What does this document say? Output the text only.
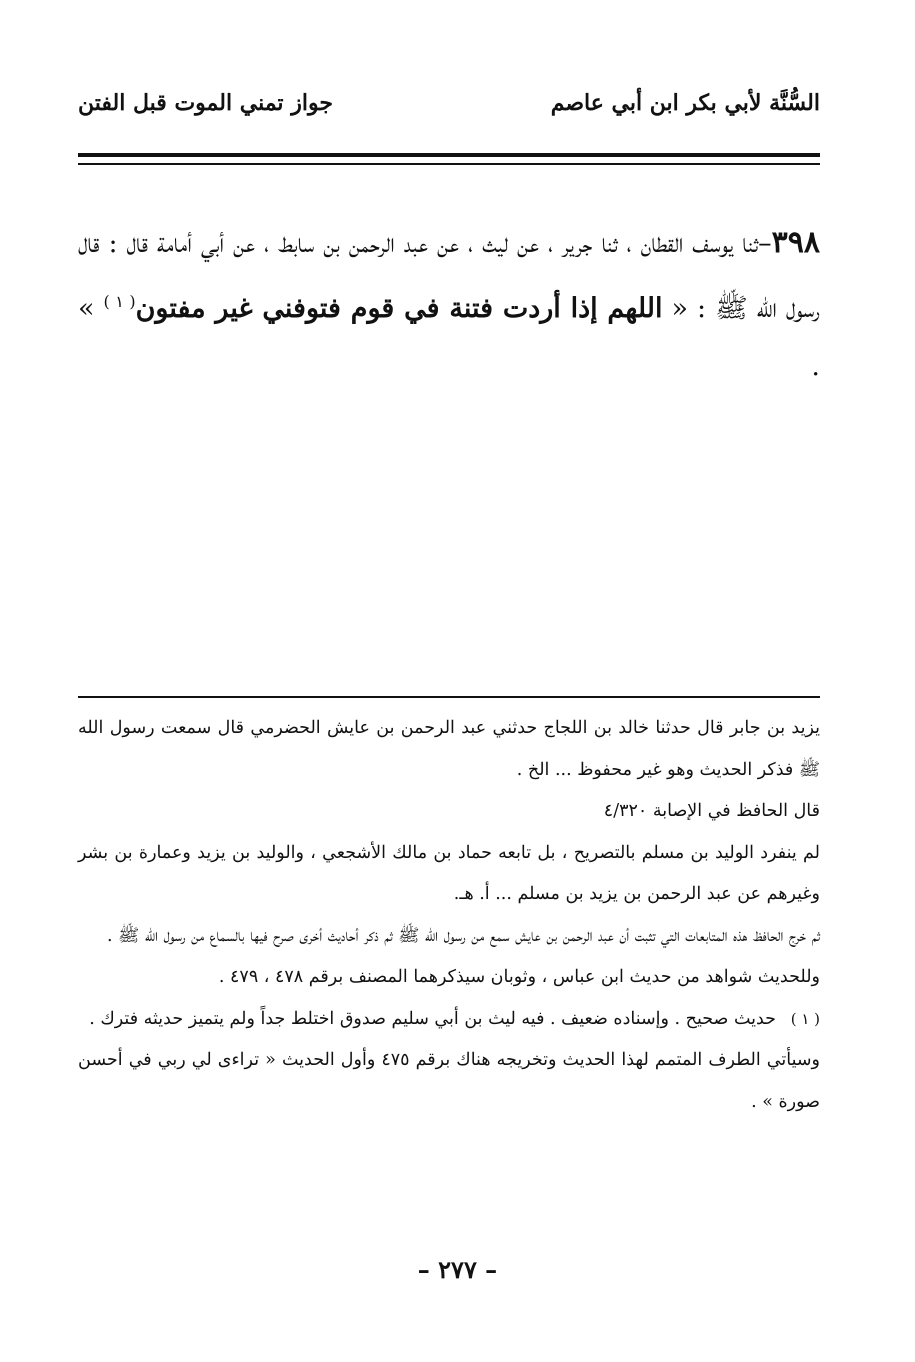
جواز تمني الموت قبل الفتن	السُّنَّة لأبي بكر ابن أبي عاصم
٣٩٨–ثنا يوسف القطان ، ثنا جرير ، عن ليث ، عن عبد الرحمن بن سابط ، عن أبي أمامة قال : قال رسول الله ﷺ : « اللهم إذا أردت فتنة في قوم فتوفني غير مفتون$^{( ١ )}$ » .

يزيد بن جابر قال حدثنا خالد بن اللجاج حدثني عبد الرحمن بن عايش الحضرمي قال سمعت رسول الله ﷺ فذكر الحديث وهو غير محفوظ ... الخ .

قال الحافظ في الإصابة ٤/٣٢٠

لم ينفرد الوليد بن مسلم بالتصريح ، بل تابعه حماد بن مالك الأشجعي ، والوليد بن يزيد وعمارة بن بشر وغيرهم عن عبد الرحمن بن يزيد بن مسلم ... أ. هـ.

ثم خرج الحافظ هذه المتابعات التي تثبت أن عبد الرحمن بن عايش سمع من رسول الله ﷺ ثم ذكر أحاديث أخرى صرح فيها بالسماع من رسول الله ﷺ .

وللحديث شواهد من حديث ابن عباس ، وثوبان سيذكرهما المصنف برقم ٤٧٨ ، ٤٧٩ .

( ١ )
حديث صحيح . وإسناده ضعيف . فيه ليث بن أبي سليم صدوق اختلط جداً ولم يتميز حديثه فترك .

وسيأتي الطرف المتمم لهذا الحديث وتخريجه هناك برقم ٤٧٥ وأول الحديث « تراءى لي ربي في أحسن صورة » .

– ٢٧٧ –
